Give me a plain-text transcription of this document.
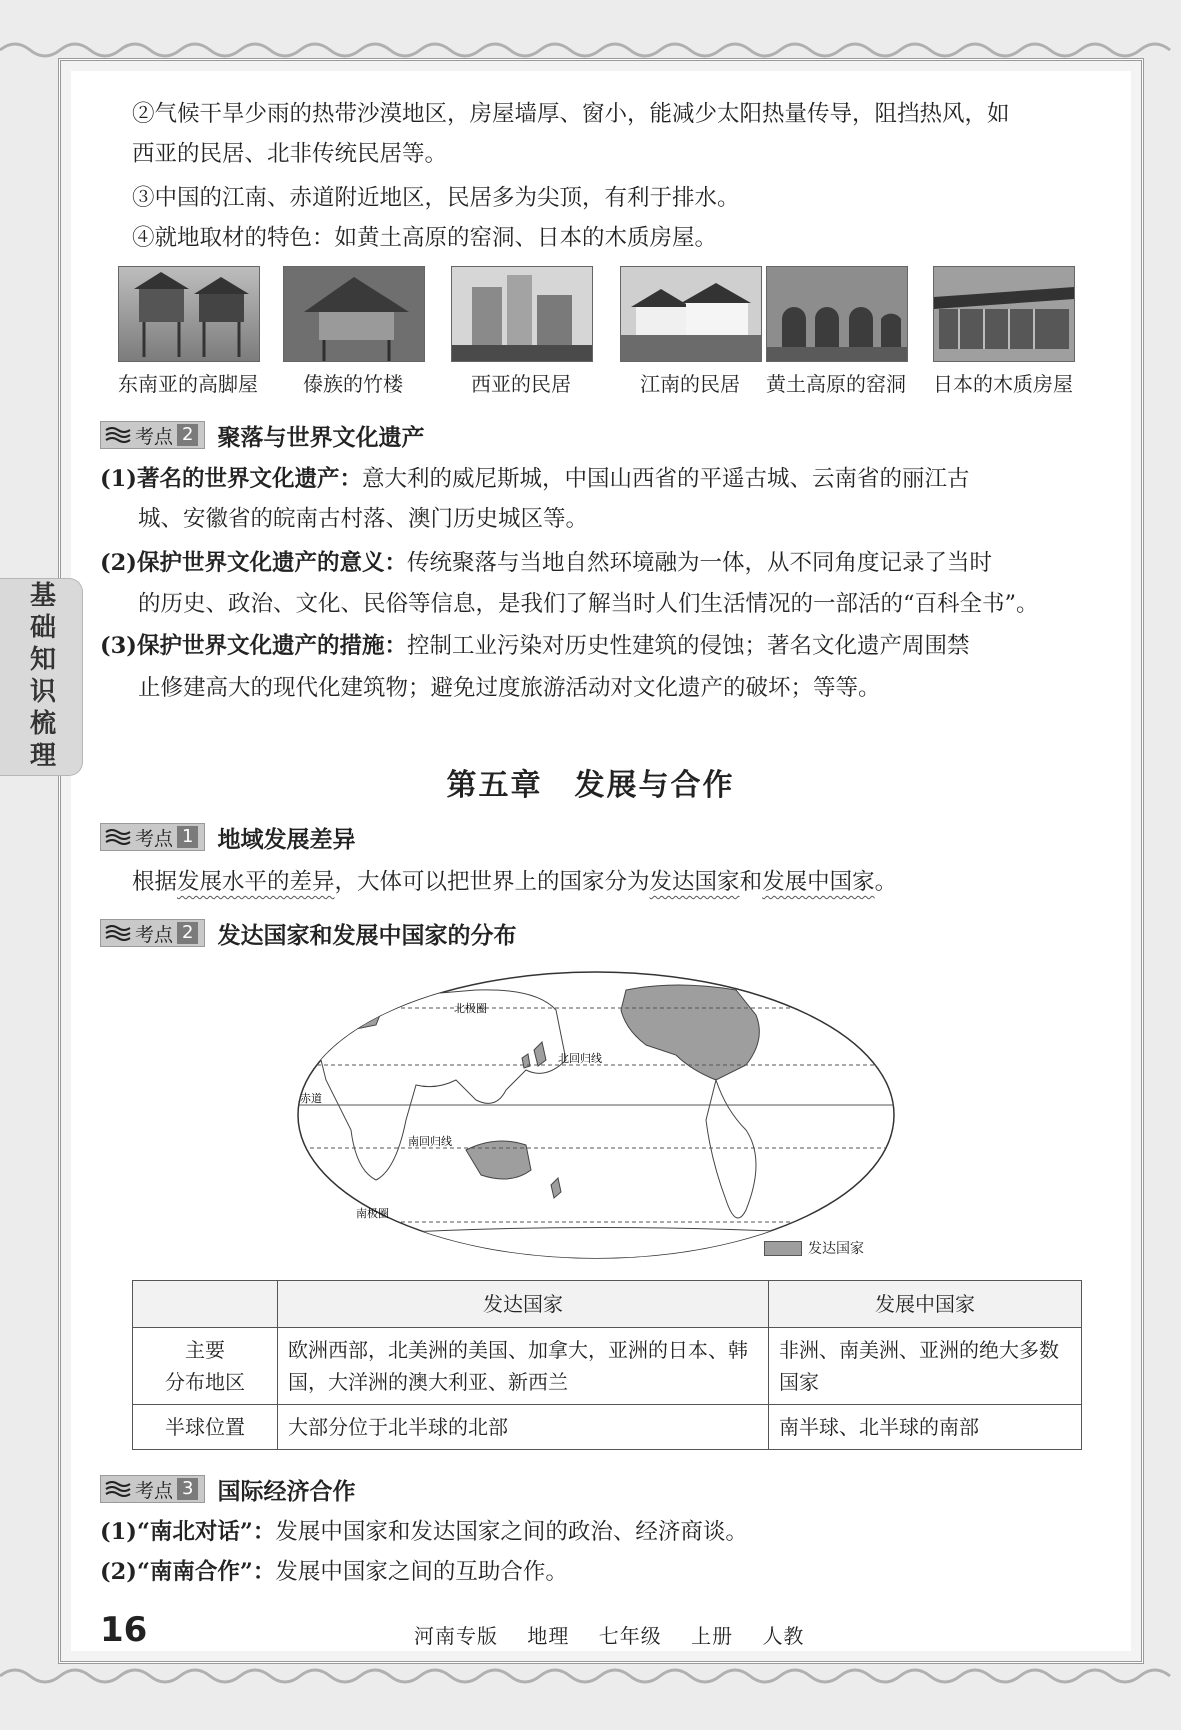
基础知识梳理
②气候干旱少雨的热带沙漠地区，房屋墙厚、窗小，能减少太阳热量传导，阻挡热风，如
西亚的民居、北非传统民居等。
③中国的江南、赤道附近地区，民居多为尖顶，有利于排水。
④就地取材的特色：如黄土高原的窑洞、日本的木质房屋。
东南亚的高脚屋	傣族的竹楼	西亚的民居	江南的民居	黄土高原的窑洞	日本的木质房屋
考点 2 聚落与世界文化遗产
(1)著名的世界文化遗产：意大利的威尼斯城，中国山西省的平遥古城、云南省的丽江古
城、安徽省的皖南古村落、澳门历史城区等。
(2)保护世界文化遗产的意义：传统聚落与当地自然环境融为一体，从不同角度记录了当时
的历史、政治、文化、民俗等信息，是我们了解当时人们生活情况的一部活的“百科全书”。
(3)保护世界文化遗产的措施：控制工业污染对历史性建筑的侵蚀；著名文化遗产周围禁
止修建高大的现代化建筑物；避免过度旅游活动对文化遗产的破坏；等等。
第五章　发展与合作
考点 1 地域发展差异
根据发展水平的差异，大体可以把世界上的国家分为发达国家和发展中国家。
考点 2 发达国家和发展中国家的分布
北极圈
北回归线
赤道
南回归线
南极圈
发达国家
	发达国家	发展中国家
主要
分布地区	欧洲西部，北美洲的美国、加拿大，亚洲的日本、韩国，大洋洲的澳大利亚、新西兰	非洲、南美洲、亚洲的绝大多数国家
半球位置	大部分位于北半球的北部	南半球、北半球的南部
考点 3 国际经济合作
(1)“南北对话”：发展中国家和发达国家之间的政治、经济商谈。
(2)“南南合作”：发展中国家之间的互助合作。
16	河南专版 地理 七年级 上册 人教
